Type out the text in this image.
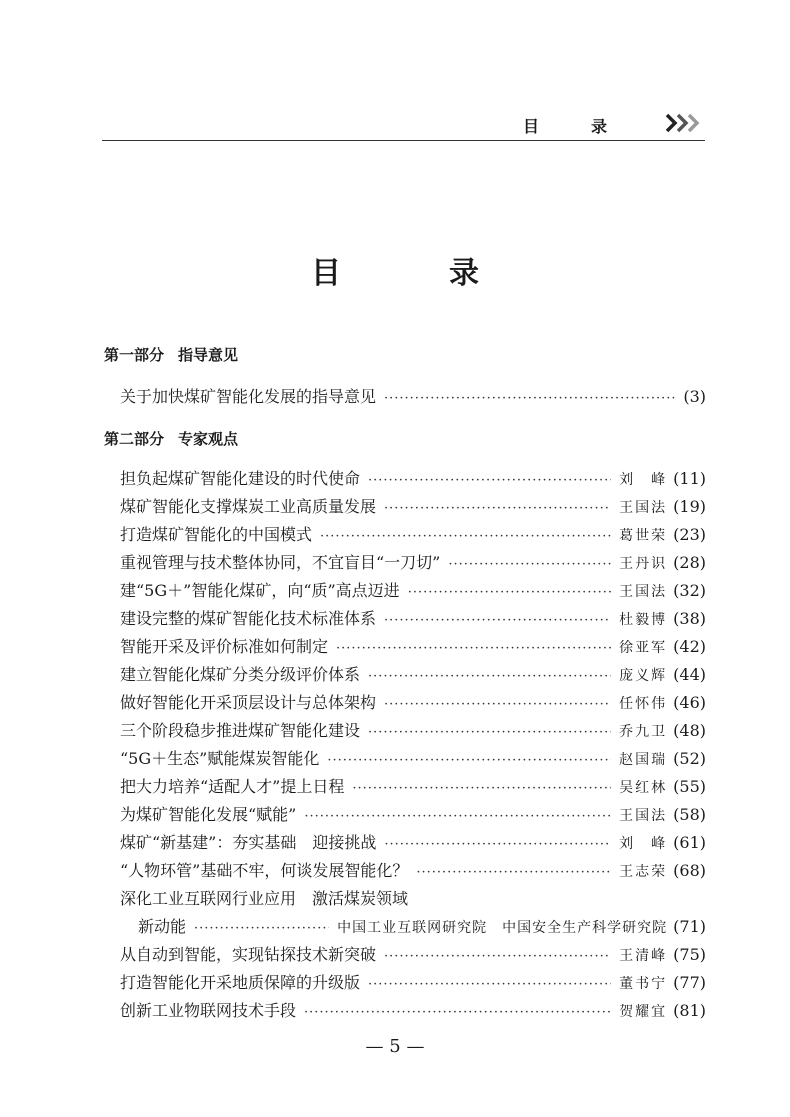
目录
目录
第一部分 指导意见
关于加快煤矿智能化发展的指导意见 ·····	( 3 )
第二部分 专家观点
担负起煤矿智能化建设的时代使命 ·····	刘　峰 ( 11 )
煤矿智能化支撑煤炭工业高质量发展 ·····	王国法 ( 19 )
打造煤矿智能化的中国模式 ·····	葛世荣 ( 23 )
重视管理与技术整体协同，不宜盲目“一刀切” ·····	王丹识 ( 28 )
建“5G＋”智能化煤矿，向“质”高点迈进 ·····	王国法 ( 32 )
建设完整的煤矿智能化技术标准体系 ·····	杜毅博 ( 38 )
智能开采及评价标准如何制定 ·····	徐亚军 ( 42 )
建立智能化煤矿分类分级评价体系 ·····	庞义辉 ( 44 )
做好智能化开采顶层设计与总体架构 ·····	任怀伟 ( 46 )
三个阶段稳步推进煤矿智能化建设 ·····	乔九卫 ( 48 )
“5G＋生态”赋能煤炭智能化 ·····	赵国瑞 ( 52 )
把大力培养“适配人才”提上日程 ·····	吴红林 ( 55 )
为煤矿智能化发展“赋能” ·····	王国法 ( 58 )
煤矿“新基建”：夯实基础　迎接挑战 ·····	刘　峰 ( 61 )
“人物环管”基础不牢，何谈发展智能化？ ·····	王志荣 ( 68 )
深化工业互联网行业应用　激活煤炭领域
新动能 ·····	中国工业互联网研究院　中国安全生产科学研究院 ( 71 )
从自动到智能，实现钻探技术新突破 ·····	王清峰 ( 75 )
打造智能化开采地质保障的升级版 ·····	董书宁 ( 77 )
创新工业物联网技术手段 ·····	贺耀宜 ( 81 )
— 5 —
